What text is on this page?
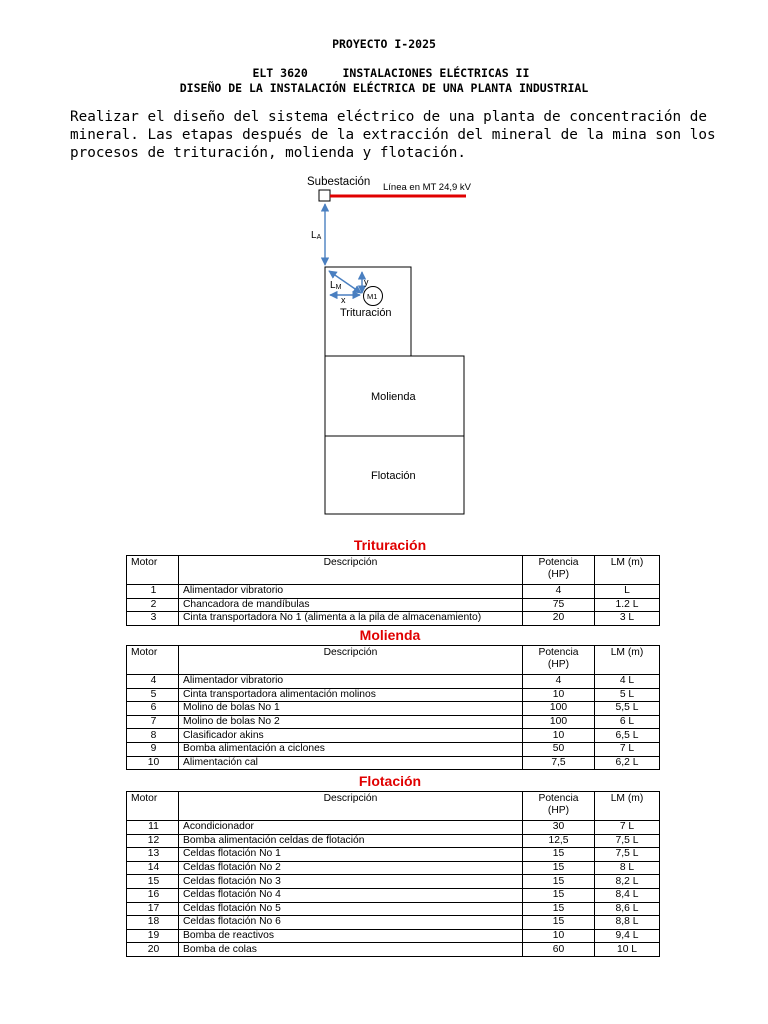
PROYECTO I-2025

ELT 3620	INSTALACIONES ELÉCTRICAS II

DISEÑO DE LA INSTALACIÓN ELÉCTRICA DE UNA PLANTA INDUSTRIAL
Realizar el diseño del sistema eléctrico de una planta de concentración de
mineral. Las etapas después de la extracción del mineral de la mina son los
procesos de trituración, molienda y flotación.
Subestación Línea en MT 24,9 kV
LA
LM
x
y
M1
Trituración
Molienda
Flotación
Trituración
Motor	Descripción	Potencia (HP)	LM (m)
1	Alimentador vibratorio	4	L
2	Chancadora de mandíbulas	75	1.2 L
3	Cinta transportadora No 1 (alimenta a la pila de almacenamiento)	20	3 L
Molienda
Motor	Descripción	Potencia (HP)	LM (m)
4	Alimentador vibratorio	4	4 L
5	Cinta transportadora alimentación molinos	10	5 L
6	Molino de bolas No 1	100	5,5 L
7	Molino de bolas No 2	100	6 L
8	Clasificador akins	10	6,5 L
9	Bomba alimentación a ciclones	50	7 L
10	Alimentación cal	7,5	6,2 L
Flotación
Motor	Descripción	Potencia (HP)	LM (m)
11	Acondicionador	30	7 L
12	Bomba alimentación celdas de flotación	12,5	7,5 L
13	Celdas flotación No 1	15	7,5 L
14	Celdas flotación No 2	15	8 L
15	Celdas flotación No 3	15	8,2 L
16	Celdas flotación No 4	15	8,4 L
17	Celdas flotación No 5	15	8,6 L
18	Celdas flotación No 6	15	8,8 L
19	Bomba de reactivos	10	9,4 L
20	Bomba de colas	60	10 L
